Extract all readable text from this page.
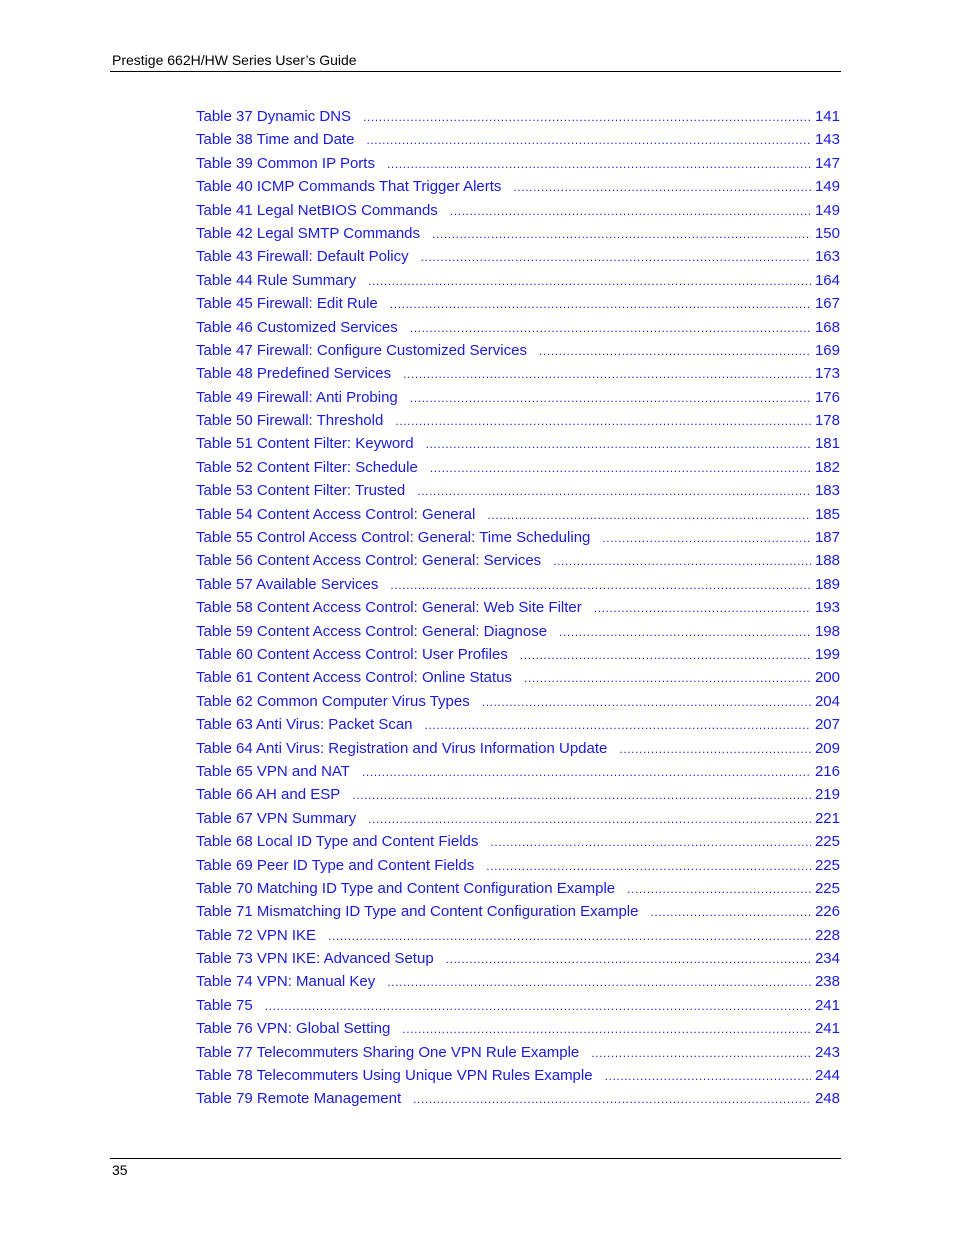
Prestige 662H/HW Series User’s Guide
Table 37 Dynamic DNS .....	141
Table 38 Time and Date .....	143
Table 39 Common IP Ports .....	147
Table 40 ICMP Commands That Trigger Alerts .....	149
Table 41 Legal NetBIOS Commands .....	149
Table 42 Legal SMTP Commands .....	150
Table 43 Firewall: Default Policy .....	163
Table 44 Rule Summary .....	164
Table 45 Firewall: Edit Rule .....	167
Table 46 Customized Services .....	168
Table 47 Firewall: Configure Customized Services .....	169
Table 48 Predefined Services .....	173
Table 49 Firewall: Anti Probing .....	176
Table 50 Firewall: Threshold .....	178
Table 51 Content Filter: Keyword .....	181
Table 52 Content Filter: Schedule .....	182
Table 53 Content Filter: Trusted .....	183
Table 54 Content Access Control: General .....	185
Table 55 Control Access Control: General: Time Scheduling .....	187
Table 56 Content Access Control: General: Services .....	188
Table 57 Available Services .....	189
Table 58 Content Access Control: General: Web Site Filter .....	193
Table 59 Content Access Control: General: Diagnose .....	198
Table 60 Content Access Control: User Profiles .....	199
Table 61 Content Access Control: Online Status .....	200
Table 62 Common Computer Virus Types .....	204
Table 63 Anti Virus: Packet Scan .....	207
Table 64 Anti Virus: Registration and Virus Information Update .....	209
Table 65 VPN and NAT .....	216
Table 66 AH and ESP .....	219
Table 67 VPN Summary .....	221
Table 68 Local ID Type and Content Fields .....	225
Table 69 Peer ID Type and Content Fields .....	225
Table 70 Matching ID Type and Content Configuration Example .....	225
Table 71 Mismatching ID Type and Content Configuration Example .....	226
Table 72 VPN IKE .....	228
Table 73 VPN IKE: Advanced Setup .....	234
Table 74 VPN: Manual Key .....	238
Table 75 .....	241
Table 76 VPN: Global Setting .....	241
Table 77 Telecommuters Sharing One VPN Rule Example .....	243
Table 78 Telecommuters Using Unique VPN Rules Example .....	244
Table 79 Remote Management .....	248
35
